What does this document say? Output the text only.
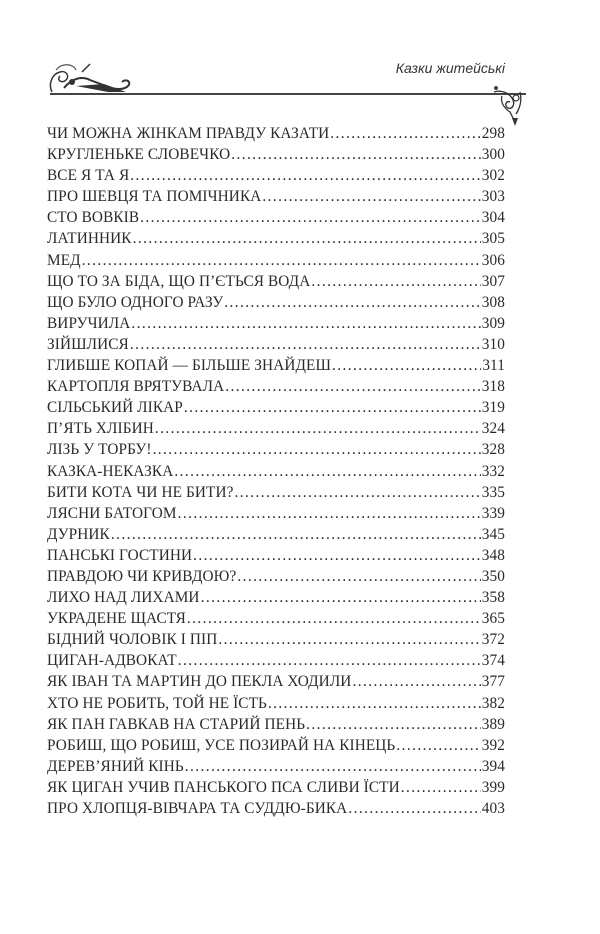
Казки житейські
ЧИ МОЖНА ЖІНКАМ ПРАВДУ КАЗАТИ . . .	298
КРУГЛЕНЬКЕ СЛОВЕЧКО . . .	300
ВСЕ Я ТА Я . . .	302
ПРО ШЕВЦЯ ТА ПОМІЧНИКА . . .	303
СТО ВОВКІВ . . .	304
ЛАТИННИК . . .	305
МЕД . . .	306
ЩО ТО ЗА БІДА, ЩО П’ЄТЬСЯ ВОДА . . .	307
ЩО БУЛО ОДНОГО РАЗУ . . .	308
ВИРУЧИЛА . . .	309
ЗІЙШЛИСЯ . . .	310
ГЛИБШЕ КОПАЙ — БІЛЬШЕ ЗНАЙДЕШ . . .	311
КАРТОПЛЯ ВРЯТУВАЛА . . .	318
СІЛЬСЬКИЙ ЛІКАР . . .	319
П’ЯТЬ ХЛІБИН . . .	324
ЛІЗЬ У ТОРБУ! . . .	328
КАЗКА-НЕКАЗКА . . .	332
БИТИ КОТА ЧИ НЕ БИТИ? . . .	335
ЛЯСНИ БАТОГОМ . . .	339
ДУРНИК . . .	345
ПАНСЬКІ ГОСТИНИ . . .	348
ПРАВДОЮ ЧИ КРИВДОЮ? . . .	350
ЛИХО НАД ЛИХАМИ . . .	358
УКРАДЕНЕ ЩАСТЯ . . .	365
БІДНИЙ ЧОЛОВІК І ПІП . . .	372
ЦИГАН-АДВОКАТ . . .	374
ЯК ІВАН ТА МАРТИН ДО ПЕКЛА ХОДИЛИ . . .	377
ХТО НЕ РОБИТЬ, ТОЙ НЕ ЇСТЬ . . .	382
ЯК ПАН ГАВКАВ НА СТАРИЙ ПЕНЬ . . .	389
РОБИШ, ЩО РОБИШ, УСЕ ПОЗИРАЙ НА КІНЕЦЬ . . .	392
ДЕРЕВ’ЯНИЙ КІНЬ . . .	394
ЯК ЦИГАН УЧИВ ПАНСЬКОГО ПСА СЛИВИ ЇСТИ . . .	399
ПРО ХЛОПЦЯ-ВІВЧАРА ТА СУДДЮ-БИКА . . .	403
